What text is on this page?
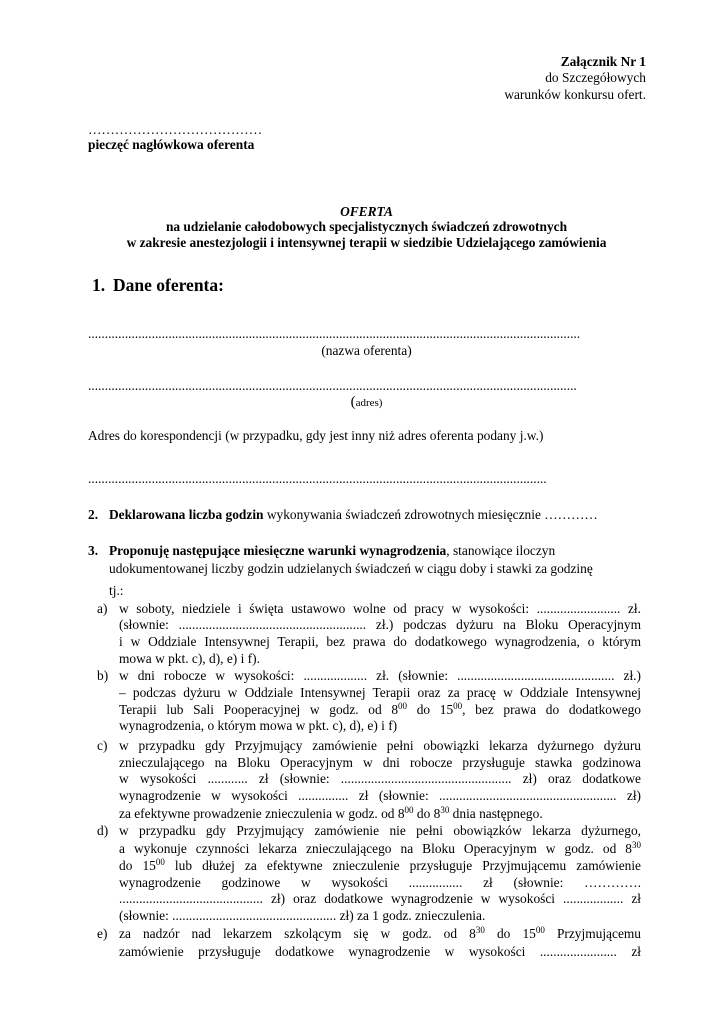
Załącznik Nr 1
do Szczegółowych
warunków konkursu ofert.
…………………………………
pieczęć nagłówkowa oferenta
OFERTA
na udzielanie całodobowych specjalistycznych świadczeń zdrowotnych
w zakresie anestezjologii i intensywnej terapii w siedzibie Udzielającego zamówienia
1. Dane oferenta:
...................................................................................................................................................
(nazwa oferenta)
..................................................................................................................................................
(adres)
Adres do korespondencji (w przypadku, gdy jest inny niż adres oferenta podany j.w.)
.........................................................................................................................................
2. Deklarowana liczba godzin wykonywania świadczeń zdrowotnych miesięcznie …………
3. Proponuję następujące miesięczne warunki wynagrodzenia, stanowiące iloczyn
udokumentowanej liczby godzin udzielanych świadczeń w ciągu doby i stawki za godzinę
tj.:
a) w soboty, niedziele i święta ustawowo wolne od pracy w wysokości: ......................... zł.
(słownie: ........................................................ zł.) podczas dyżuru na Bloku Operacyjnym
i w Oddziale Intensywnej Terapii, bez prawa do dodatkowego wynagrodzenia, o którym
mowa w pkt. c), d), e) i f).
b) w dni robocze w wysokości: ................... zł. (słownie: ............................................... zł.)
– podczas dyżuru w Oddziale Intensywnej Terapii oraz za pracę w Oddziale Intensywnej
Terapii lub Sali Pooperacyjnej w godz. od $8^{00}$ do $15^{00}$, bez prawa do dodatkowego
wynagrodzenia, o którym mowa w pkt. c), d), e) i f)
c) w przypadku gdy Przyjmujący zamówienie pełni obowiązki lekarza dyżurnego dyżuru
znieczulającego na Bloku Operacyjnym w dni robocze przysługuje stawka godzinowa
w wysokości ............ zł (słownie: ................................................... zł) oraz dodatkowe
wynagrodzenie w wysokości ............... zł (słownie: ..................................................... zł)
za efektywne prowadzenie znieczulenia w godz. od $8^{00}$ do $8^{30}$ dnia następnego.
d) w przypadku gdy Przyjmujący zamówienie nie pełni obowiązków lekarza dyżurnego,
a wykonuje czynności lekarza znieczulającego na Bloku Operacyjnym w godz. od $8^{30}$
do $15^{00}$ lub dłużej za efektywne znieczulenie przysługuje Przyjmującemu zamówienie
wynagrodzenie godzinowe w wysokości ................ zł (słownie: ………….
........................................... zł) oraz dodatkowe wynagrodzenie w wysokości .................. zł
(słownie: ................................................. zł) za 1 godz. znieczulenia.
e) za nadzór nad lekarzem szkolącym się w godz. od $8^{30}$ do $15^{00}$ Przyjmującemu
zamówienie przysługuje dodatkowe wynagrodzenie w wysokości ....................... zł
